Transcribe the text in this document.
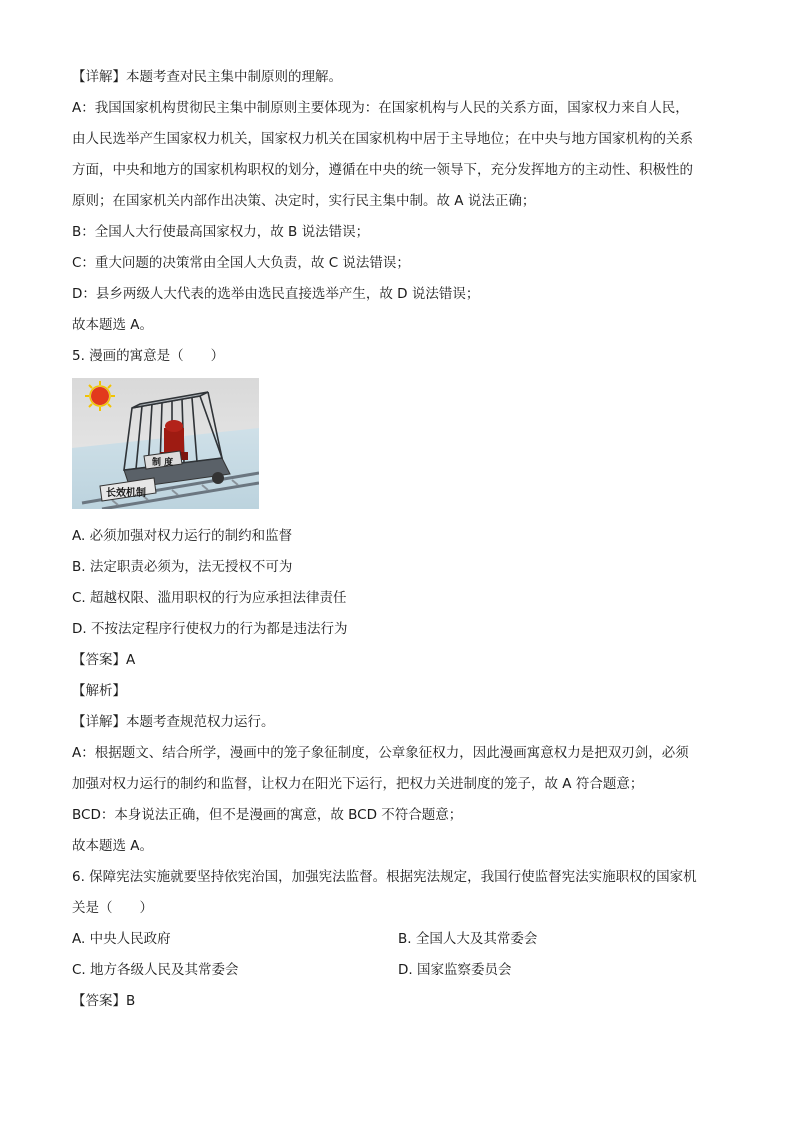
【详解】本题考查对民主集中制原则的理解。
A：我国国家机构贯彻民主集中制原则主要体现为：在国家机构与人民的关系方面，国家权力来自人民，
由人民选举产生国家权力机关，国家权力机关在国家机构中居于主导地位；在中央与地方国家机构的关系
方面，中央和地方的国家机构职权的划分，遵循在中央的统一领导下，充分发挥地方的主动性、积极性的
原则；在国家机关内部作出决策、决定时，实行民主集中制。故 A 说法正确；
B：全国人大行使最高国家权力，故 B 说法错误；
C：重大问题的决策常由全国人大负责，故 C 说法错误；
D：县乡两级人大代表的选举由选民直接选举产生，故 D 说法错误；
故本题选 A。
5. 漫画的寓意是（　　）
制 度
长效机制
A. 必须加强对权力运行的制约和监督
B. 法定职责必须为，法无授权不可为
C. 超越权限、滥用职权的行为应承担法律责任
D. 不按法定程序行使权力的行为都是违法行为
【答案】A
【解析】
【详解】本题考查规范权力运行。
A：根据题文、结合所学，漫画中的笼子象征制度，公章象征权力，因此漫画寓意权力是把双刃剑，必须
加强对权力运行的制约和监督，让权力在阳光下运行，把权力关进制度的笼子，故 A 符合题意；
BCD：本身说法正确，但不是漫画的寓意，故 BCD 不符合题意；
故本题选 A。
6. 保障宪法实施就要坚持依宪治国，加强宪法监督。根据宪法规定，我国行使监督宪法实施职权的国家机
关是（　　）
A. 中央人民政府	B. 全国人大及其常委会
C. 地方各级人民及其常委会	D. 国家监察委员会
【答案】B
